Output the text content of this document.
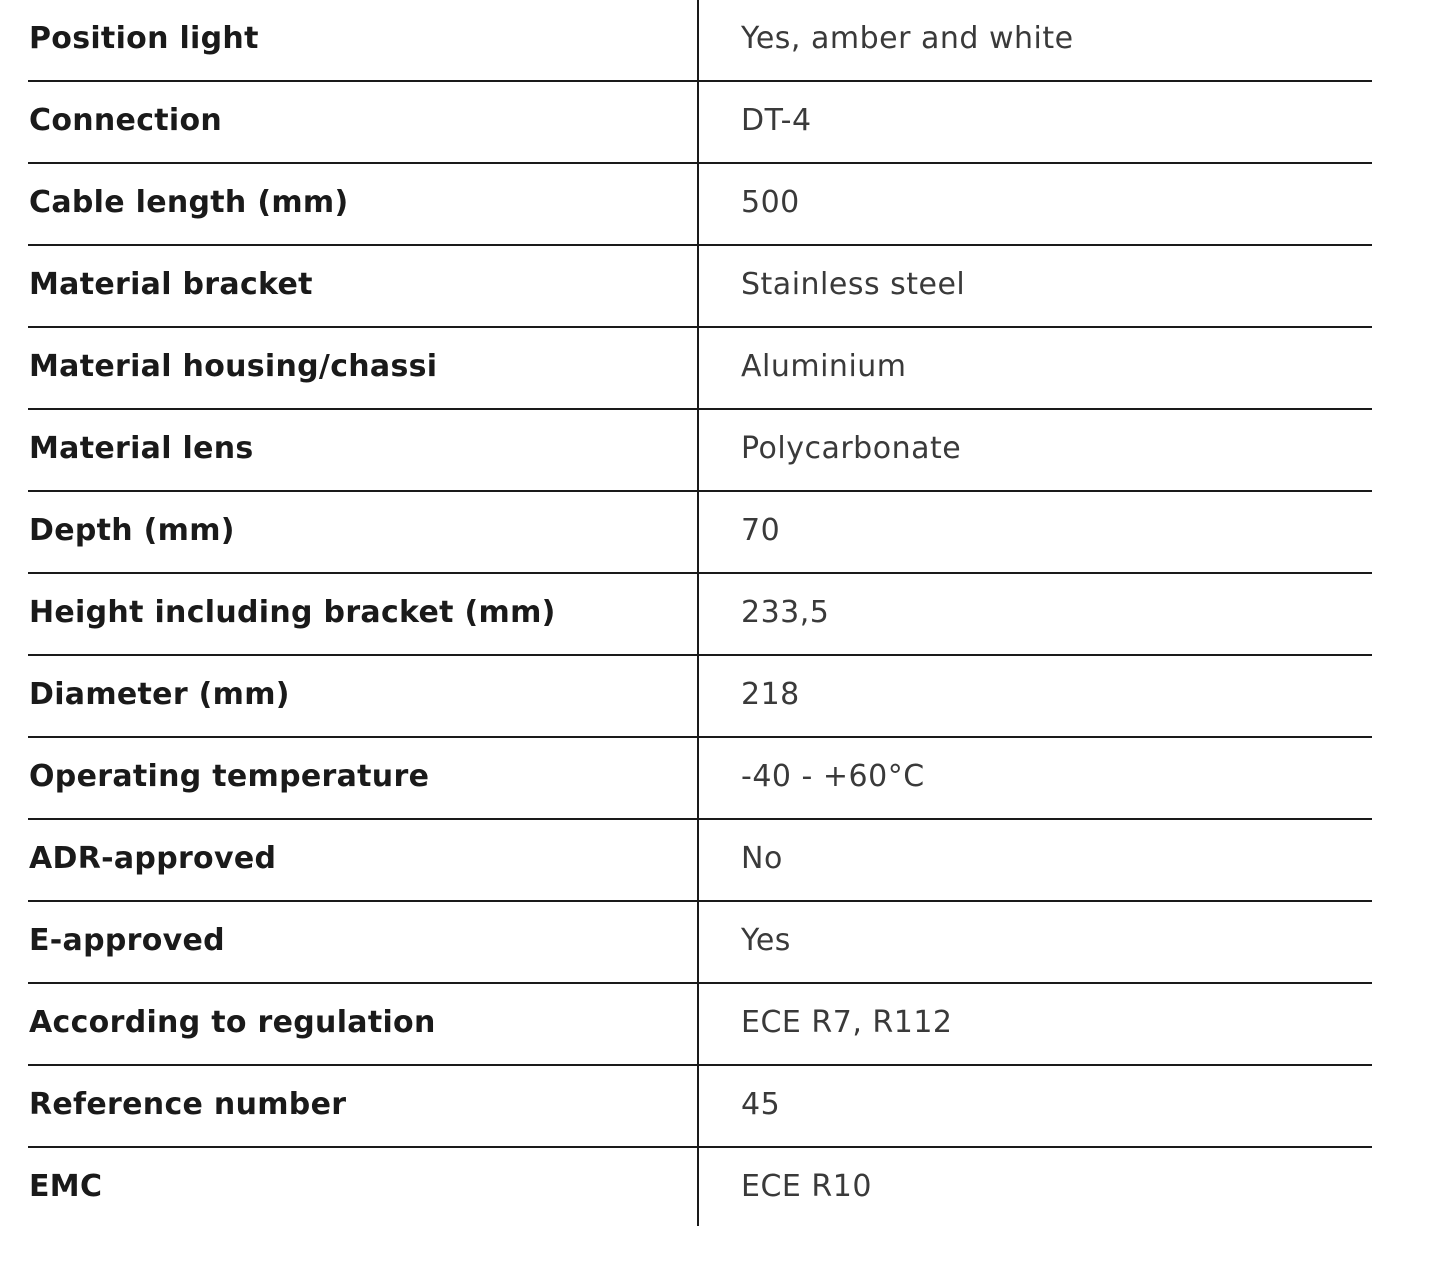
Position light	Yes, amber and white
Connection	DT-4
Cable length (mm)	500
Material bracket	Stainless steel
Material housing/chassi	Aluminium
Material lens	Polycarbonate
Depth (mm)	70
Height including bracket (mm)	233,5
Diameter (mm)	218
Operating temperature	-40 - +60°C
ADR-approved	No
E-approved	Yes
According to regulation	ECE R7, R112
Reference number	45
EMC	ECE R10
